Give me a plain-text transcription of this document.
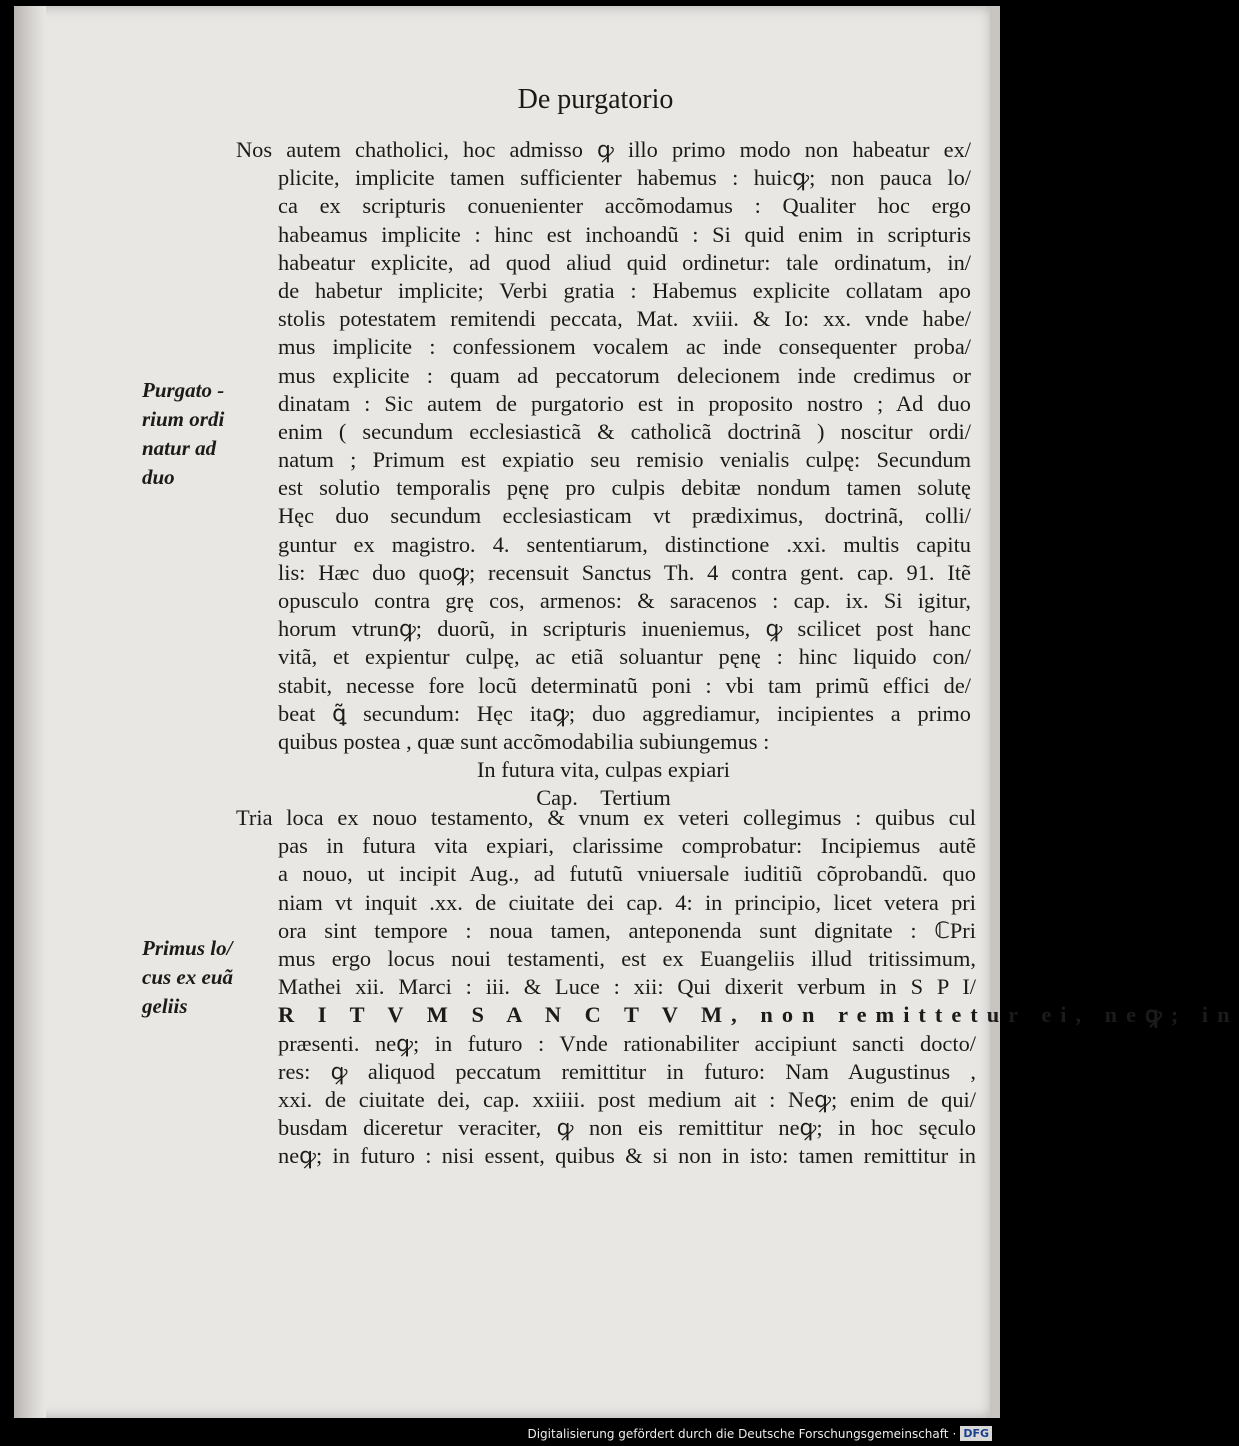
De purgatorio
Purgato -
rium ordi
natur ad
duo
Primus lo/
cus ex euã
geliis
Nos autem chatholici, hoc admisso ꝙ illo primo modo non habeatur ex/
plicite, implicite tamen sufficienter habemus : huicꝙ; non pauca lo/
ca ex scripturis conuenienter accõmodamus : Qualiter hoc ergo
habeamus implicite : hinc est inchoandũ : Si quid enim in scripturis
habeatur explicite, ad quod aliud quid ordinetur: tale ordinatum, in/
de habetur implicite; Verbi gratia : Habemus explicite collatam apo
stolis potestatem remitendi peccata, Mat. xviii. & Io: xx. vnde habe/
mus implicite : confessionem vocalem ac inde consequenter proba/
mus explicite : quam ad peccatorum delecionem inde credimus or
dinatam : Sic autem de purgatorio est in proposito nostro ; Ad duo
enim ( secundum ecclesiasticã & catholicã doctrinã ) noscitur ordi/
natum ; Primum est expiatio seu remisio venialis culpę: Secundum
est solutio temporalis pęnę pro culpis debitæ nondum tamen solutę
Hęc duo secundum ecclesiasticam vt prædiximus, doctrinã, colli/
guntur ex magistro. 4. sententiarum, distinctione .xxi. multis capitu
lis: Hæc duo quoꝙ; recensuit Sanctus Th. 4 contra gent. cap. 91. Itẽ
opusculo contra grę cos, armenos: & saracenos : cap. ix. Si igitur,
horum vtrunꝙ; duorũ, in scripturis inueniemus, ꝙ scilicet post hanc
vitã, et expientur culpę, ac etiã soluantur pęnę : hinc liquido con/
stabit, necesse fore locũ determinatũ poni : vbi tam primũ effici de/
beat ꝗ̃ secundum: Hęc itaꝙ; duo aggrediamur, incipientes a primo
quibus postea , quæ sunt accõmodabilia subiungemus :
In futura vita, culpas expiari
Cap. Tertium
Tria loca ex nouo testamento, & vnum ex veteri collegimus : quibus cul
pas in futura vita expiari, clarissime comprobatur: Incipiemus autẽ
a nouo, ut incipit Aug., ad fututũ vniuersale iuditiũ cõprobandũ. quo
niam vt inquit .xx. de ciuitate dei cap. 4: in principio, licet vetera pri
ora sint tempore : noua tamen, anteponenda sunt dignitate : ℂPri
mus ergo locus noui testamenti, est ex Euangeliis illud tritissimum,
Mathei xii. Marci : iii. & Luce : xii: Qui dixerit verbum in S P I/
R I T V M S A N C T V M, non remittetur ei, neꝙ; in
præsenti. neꝙ; in futuro : Vnde rationabiliter accipiunt sancti docto/
res: ꝙ aliquod peccatum remittitur in futuro: Nam Augustinus ,
xxi. de ciuitate dei, cap. xxiiii. post medium ait : Neꝙ; enim de qui/
busdam diceretur veraciter, ꝙ non eis remittitur neꝙ; in hoc sęculo
neꝙ; in futuro : nisi essent, quibus & si non in isto: tamen remittitur in
Digitalisierung gefördert durch die Deutsche Forschungsgemeinschaft · DFG
